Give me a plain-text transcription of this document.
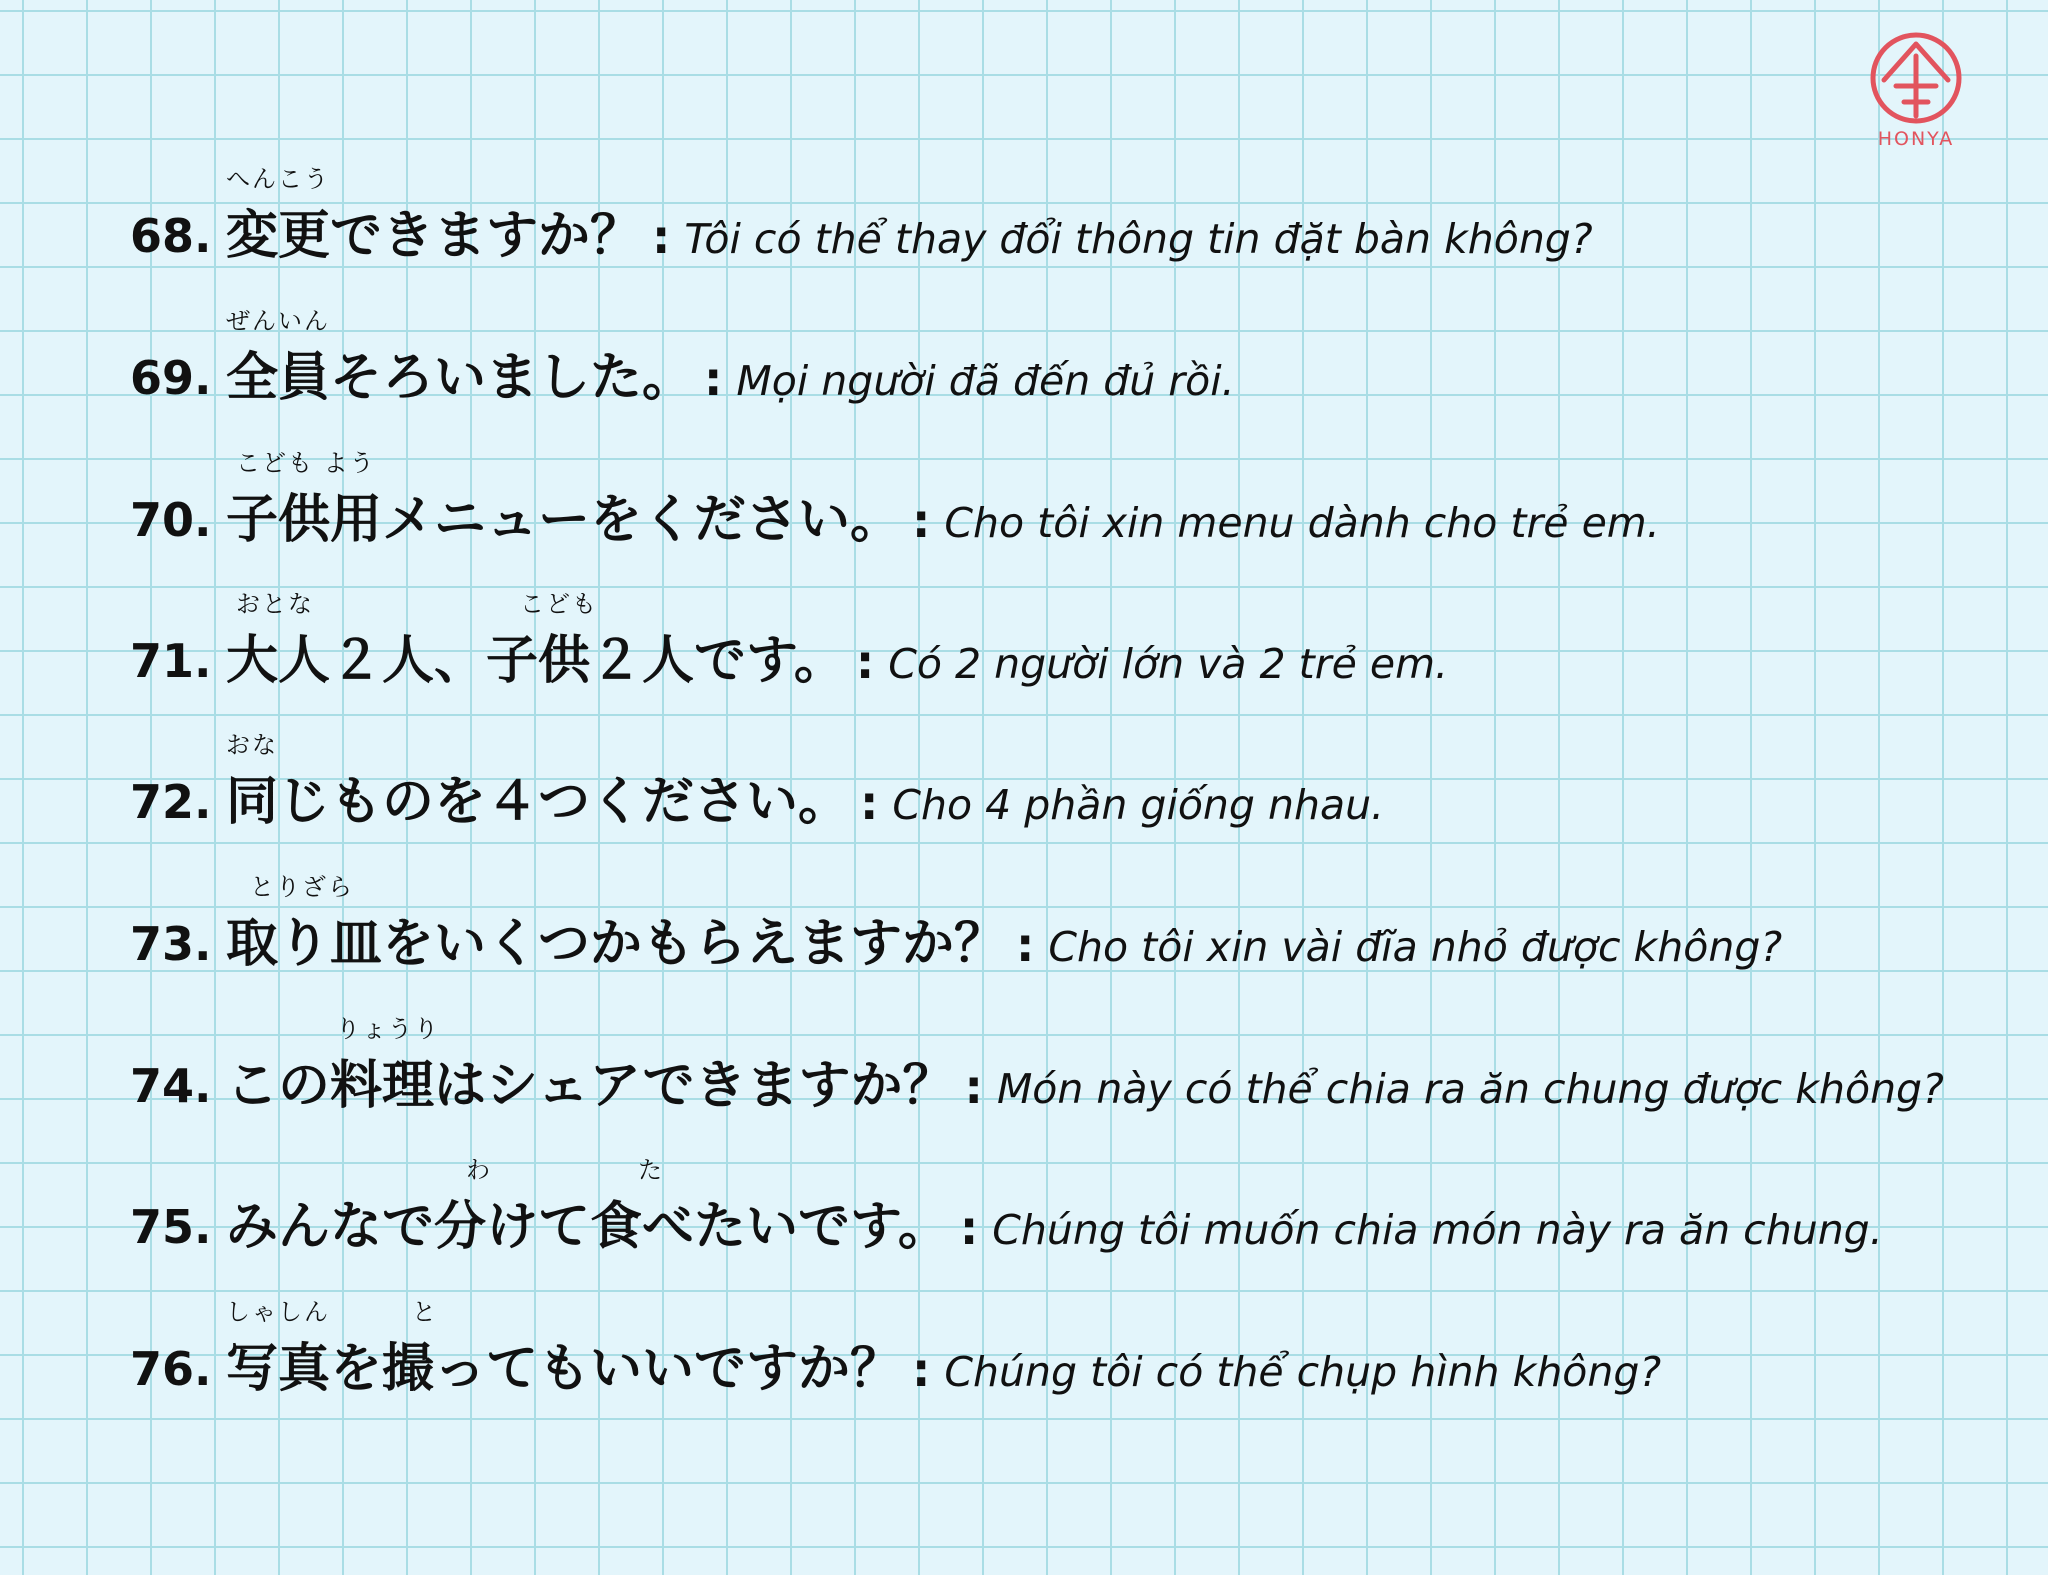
HONYA
へんこう
68. 変更できますか？ : Tôi có thể thay đổi thông tin đặt bàn không?
ぜんいん
69. 全員そろいました。 : Mọi người đã đến đủ rồi.
こども よう
70. 子供用メニューをください。 : Cho tôi xin menu dành cho trẻ em.
おとな	こども
71. 大人２人、子供２人です。 : Có 2 người lớn và 2 trẻ em.
おな
72. 同じものを４つください。 : Cho 4 phần giống nhau.
とりざら
73. 取り皿をいくつかもらえますか？ : Cho tôi xin vài đĩa nhỏ được không?
りょうり
74. この料理はシェアできますか？ : Món này có thể chia ra ăn chung được không?
わ	た
75. みんなで分けて食べたいです。 : Chúng tôi muốn chia món này ra ăn chung.
しゃしん	と
76. 写真を撮ってもいいですか？ : Chúng tôi có thể chụp hình không?
